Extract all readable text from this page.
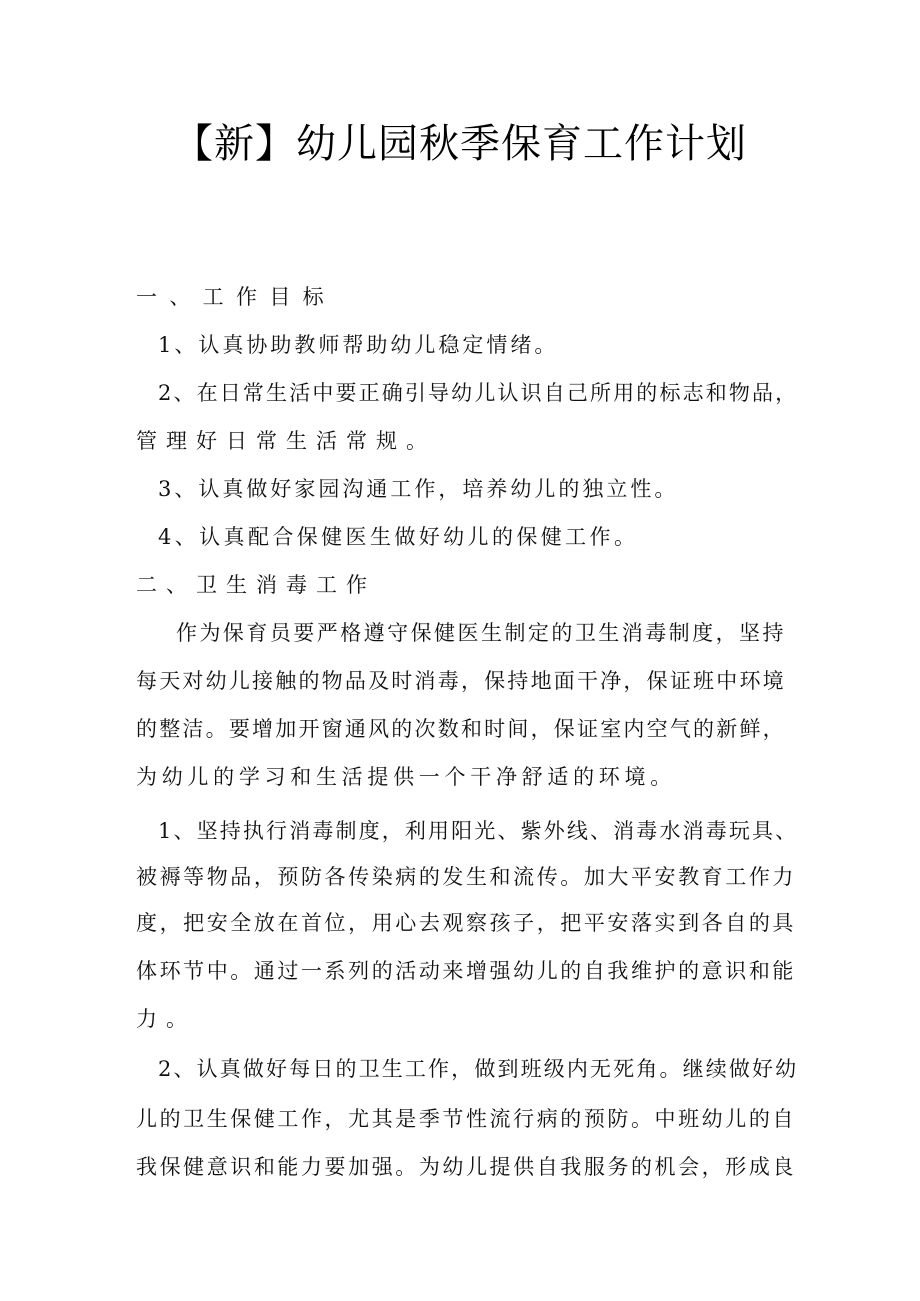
【新】幼儿园秋季保育工作计划
一、工作目标
1、认真协助教师帮助幼儿稳定情绪。
2、在日常生活中要正确引导幼儿认识自己所用的标志和物品，
管理好日常生活常规。
3、认真做好家园沟通工作，培养幼儿的独立性。
4、认真配合保健医生做好幼儿的保健工作。
二、卫生消毒工作
作为保育员要严格遵守保健医生制定的卫生消毒制度，坚持
每天对幼儿接触的物品及时消毒，保持地面干净，保证班中环境
的整洁。要增加开窗通风的次数和时间，保证室内空气的新鲜，
为幼儿的学习和生活提供一个干净舒适的环境。
1、坚持执行消毒制度，利用阳光、紫外线、消毒水消毒玩具、
被褥等物品，预防各传染病的发生和流传。加大平安教育工作力
度，把安全放在首位，用心去观察孩子，把平安落实到各自的具
体环节中。通过一系列的活动来增强幼儿的自我维护的意识和能
力。
2、认真做好每日的卫生工作，做到班级内无死角。继续做好幼
儿的卫生保健工作，尤其是季节性流行病的预防。中班幼儿的自
我保健意识和能力要加强。为幼儿提供自我服务的机会，形成良
